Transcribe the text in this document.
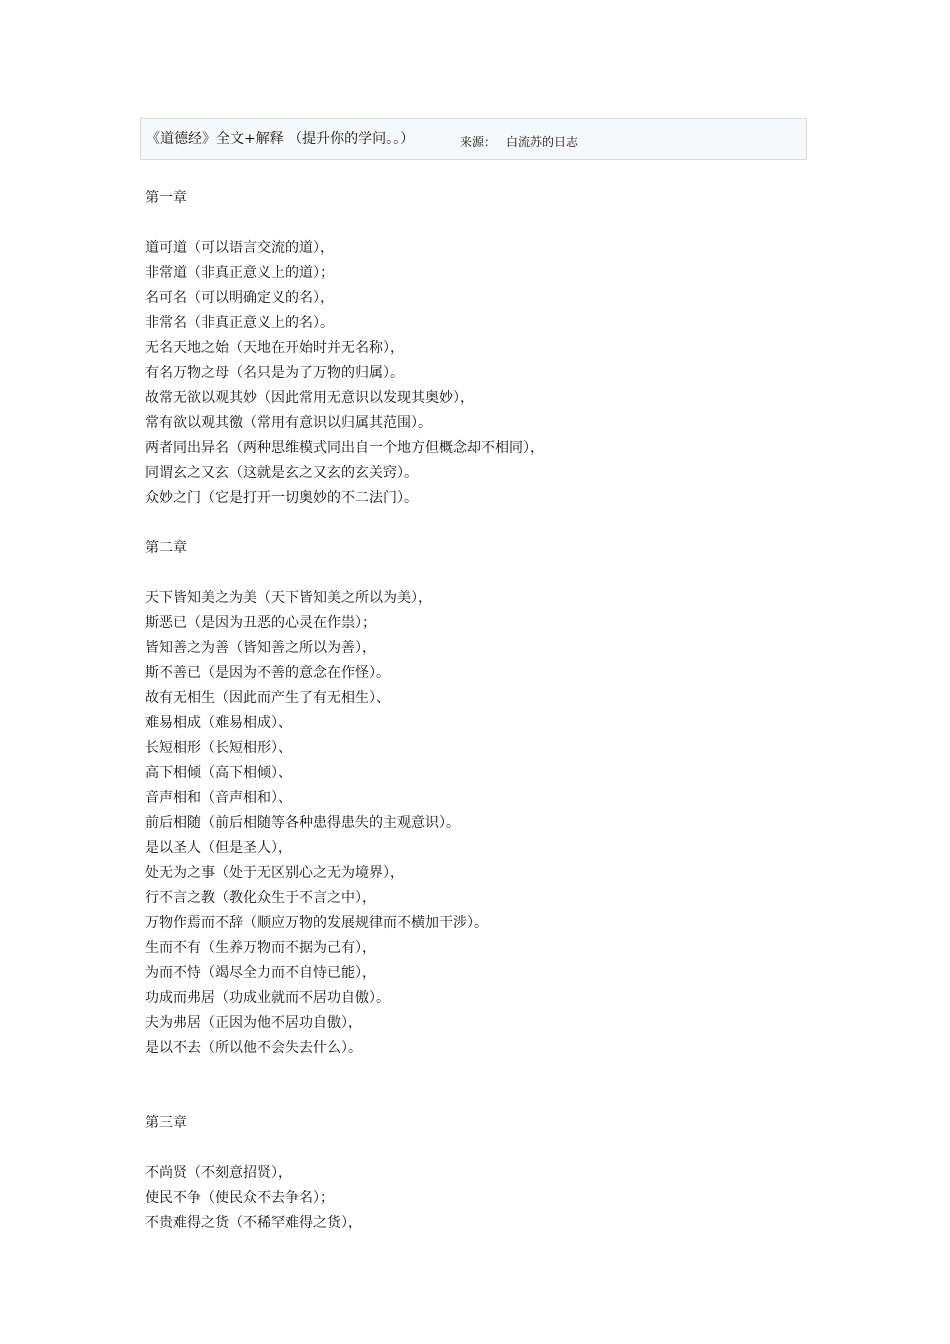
《道德经》全文+解释 （提升你的学问。。）	来源： 白流苏的日志
第一章
道可道（可以语言交流的道），
非常道（非真正意义上的道）；
名可名（可以明确定义的名），
非常名（非真正意义上的名）。
无名天地之始（天地在开始时并无名称），
有名万物之母（名只是为了万物的归属）。
故常无欲以观其妙（因此常用无意识以发现其奥妙），
常有欲以观其徼（常用有意识以归属其范围）。
两者同出异名（两种思维模式同出自一个地方但概念却不相同），
同谓玄之又玄（这就是玄之又玄的玄关窍）。
众妙之门（它是打开一切奥妙的不二法门）。
第二章
天下皆知美之为美（天下皆知美之所以为美），
斯恶已（是因为丑恶的心灵在作祟）；
皆知善之为善（皆知善之所以为善），
斯不善已（是因为不善的意念在作怪）。
故有无相生（因此而产生了有无相生）、
难易相成（难易相成）、
长短相形（长短相形）、
高下相倾（高下相倾）、
音声相和（音声相和）、
前后相随（前后相随等各种患得患失的主观意识）。
是以圣人（但是圣人），
处无为之事（处于无区别心之无为境界），
行不言之教（教化众生于不言之中），
万物作焉而不辞（顺应万物的发展规律而不横加干涉）。
生而不有（生养万物而不据为己有），
为而不恃（竭尽全力而不自恃已能），
功成而弗居（功成业就而不居功自傲）。
夫为弗居（正因为他不居功自傲），
是以不去（所以他不会失去什么）。
第三章
不尚贤（不刻意招贤），
使民不争（使民众不去争名）；
不贵难得之货（不稀罕难得之货），
